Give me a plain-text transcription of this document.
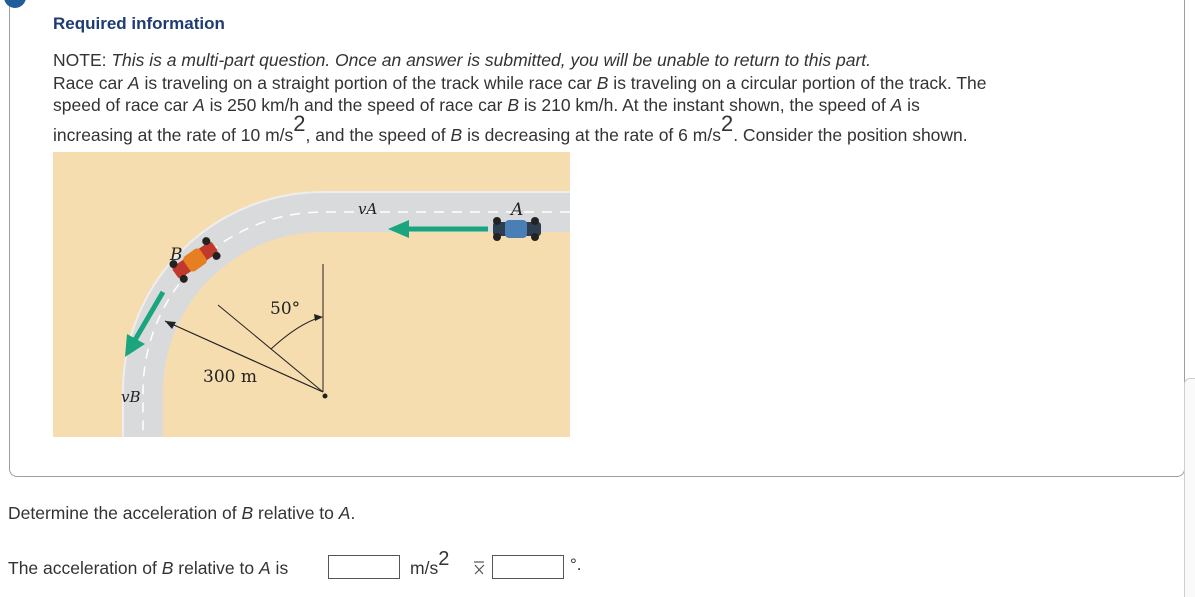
Required information
NOTE: This is a multi-part question. Once an answer is submitted, you will be unable to return to this part.
Race car A is traveling on a straight portion of the track while race car B is traveling on a circular portion of the track. The
speed of race car A is 250 km/h and the speed of race car B is 210 km/h. At the instant shown, the speed of A is
increasing at the rate of 10 $m/s^2$, and the speed of B is decreasing at the rate of 6 $m/s^2$. Consider the position shown.
vA	A
B
50°
300 m
vB
Determine the acceleration of B relative to A.
The acceleration of B relative to A is	$m/s^2$	°.
